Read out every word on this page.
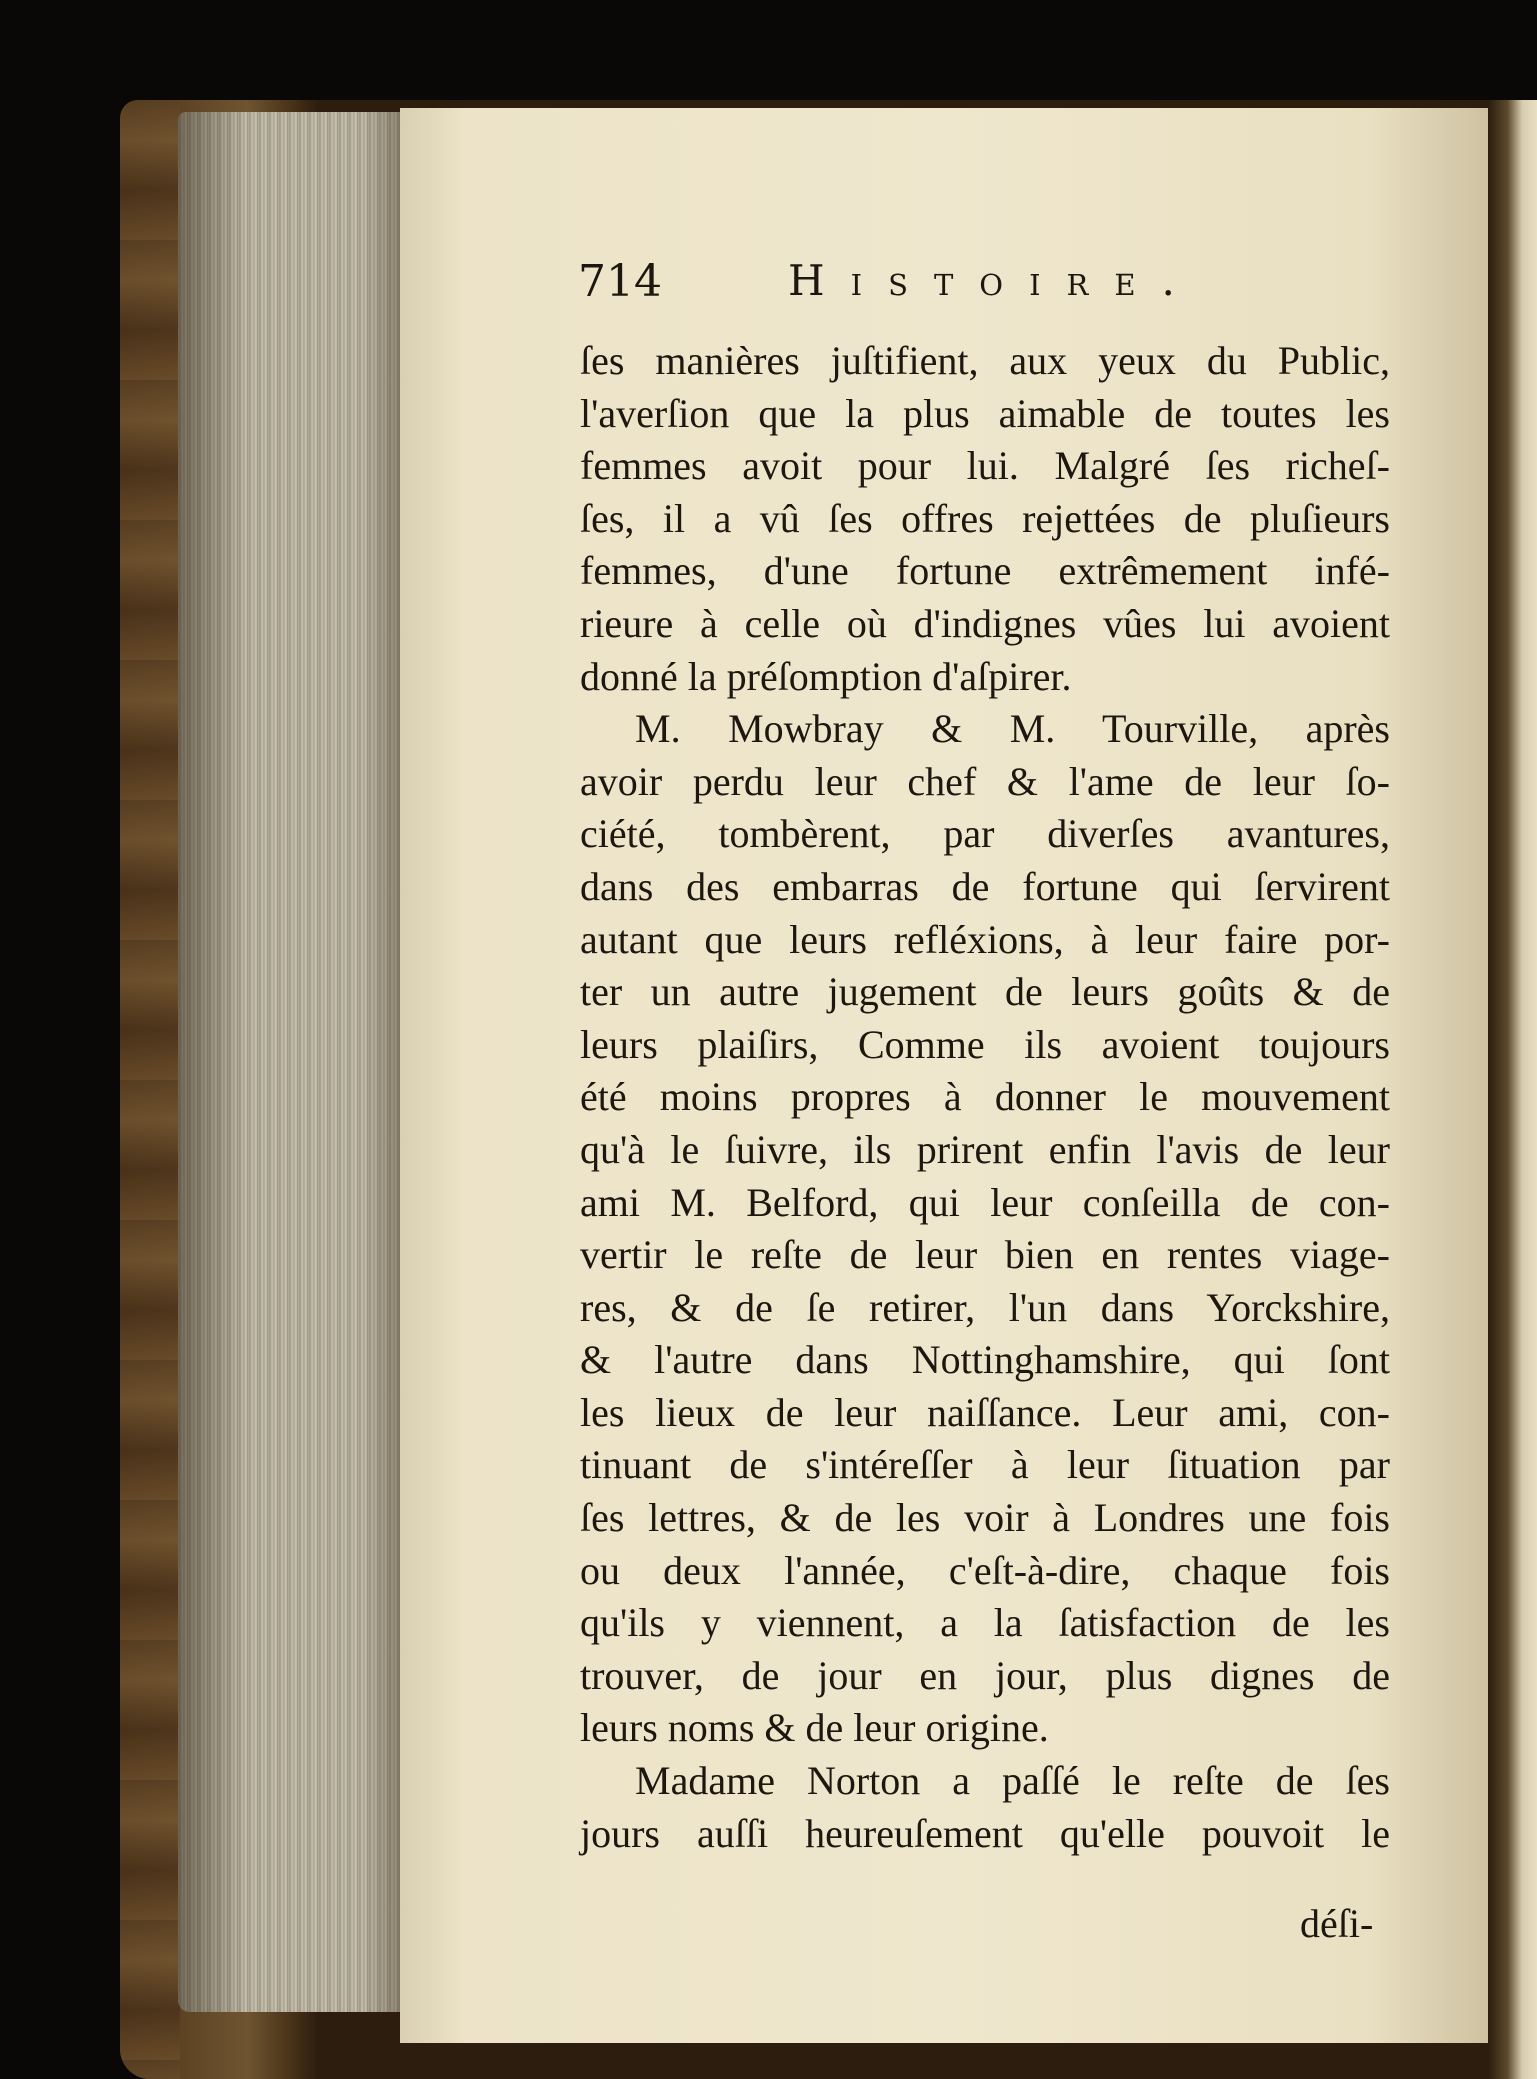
714	Histoire.
ſes manières juſtifient, aux yeux du Public,
l'averſion que la plus aimable de toutes les
femmes avoit pour lui. Malgré ſes richeſ-
ſes, il a vû ſes offres rejettées de pluſieurs
femmes, d'une fortune extrêmement infé-
rieure à celle où d'indignes vûes lui avoient
donné la préſomption d'aſpirer.
M. Mowbray & M. Tourville, après
avoir perdu leur chef & l'ame de leur ſo-
ciété, tombèrent, par diverſes avantures,
dans des embarras de fortune qui ſervirent
autant que leurs refléxions, à leur faire por-
ter un autre jugement de leurs goûts & de
leurs plaiſirs, Comme ils avoient toujours
été moins propres à donner le mouvement
qu'à le ſuivre, ils prirent enfin l'avis de leur
ami M. Belford, qui leur conſeilla de con-
vertir le reſte de leur bien en rentes viage-
res, & de ſe retirer, l'un dans Yorckshire,
& l'autre dans Nottinghamshire, qui ſont
les lieux de leur naiſſance. Leur ami, con-
tinuant de s'intéreſſer à leur ſituation par
ſes lettres, & de les voir à Londres une fois
ou deux l'année, c'eſt-à-dire, chaque fois
qu'ils y viennent, a la ſatisfaction de les
trouver, de jour en jour, plus dignes de
leurs noms & de leur origine.
Madame Norton a paſſé le reſte de ſes
jours auſſi heureuſement qu'elle pouvoit le
déſi-
